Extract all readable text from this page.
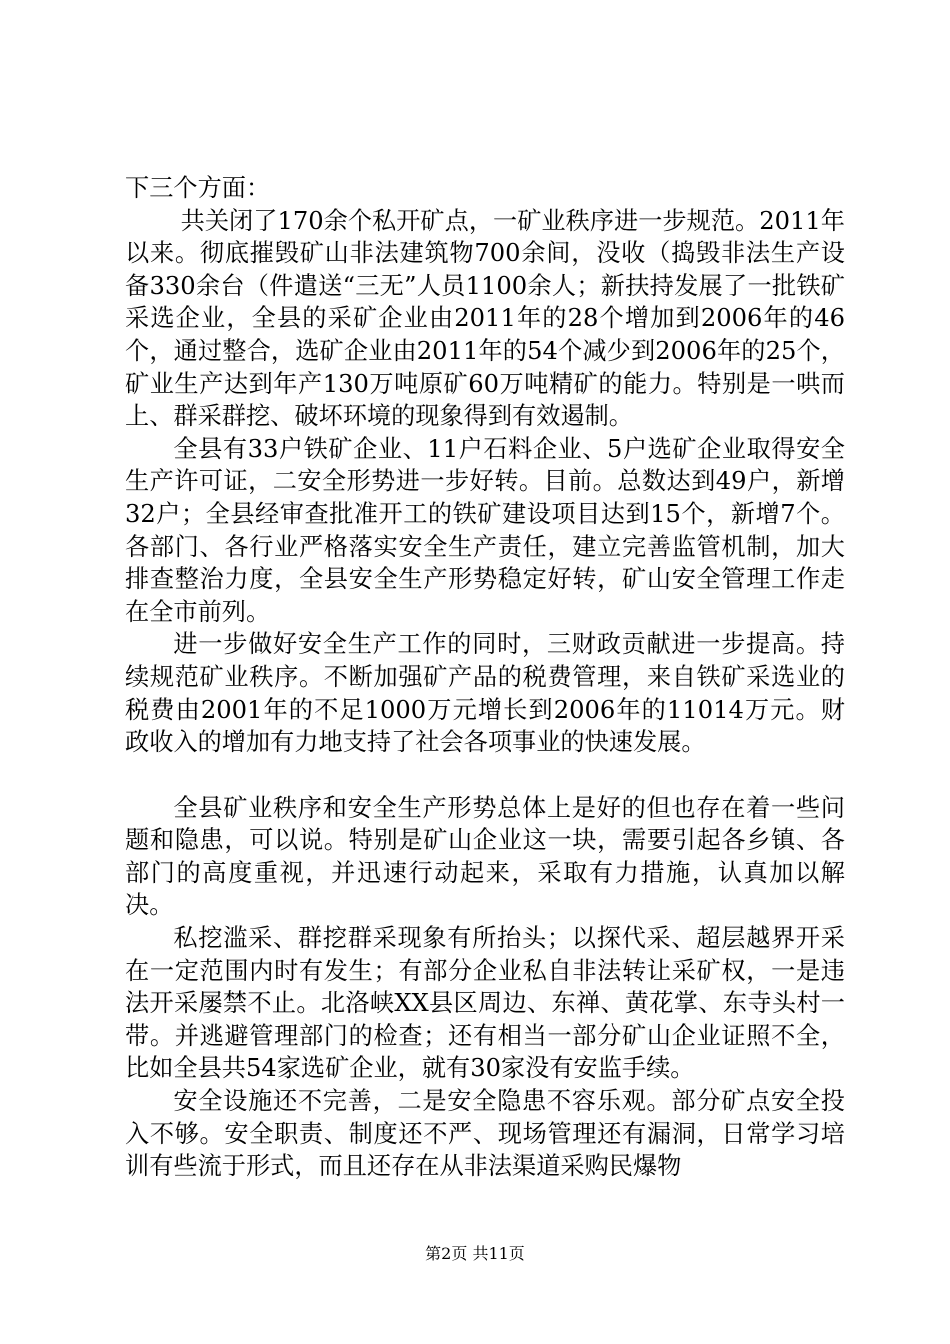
下三个方面：

共关闭了170余个私开矿点，一矿业秩序进一步规范。2011年以来。彻底摧毁矿山非法建筑物700余间，没收（捣毁非法生产设备330余台（件遣送“三无”人员1100余人；新扶持发展了一批铁矿采选企业，全县的采矿企业由2011年的28个增加到2006年的46个，通过整合，选矿企业由2011年的54个减少到2006年的25个，矿业生产达到年产130万吨原矿60万吨精矿的能力。特别是一哄而上、群采群挖、破坏环境的现象得到有效遏制。

全县有33户铁矿企业、11户石料企业、5户选矿企业取得安全生产许可证，二安全形势进一步好转。目前。总数达到49户，新增32户；全县经审查批准开工的铁矿建设项目达到15个，新增7个。各部门、各行业严格落实安全生产责任，建立完善监管机制，加大排查整治力度，全县安全生产形势稳定好转，矿山安全管理工作走在全市前列。

进一步做好安全生产工作的同时，三财政贡献进一步提高。持续规范矿业秩序。不断加强矿产品的税费管理，来自铁矿采选业的税费由2001年的不足1000万元增长到2006年的11014万元。财政收入的增加有力地支持了社会各项事业的快速发展。

全县矿业秩序和安全生产形势总体上是好的但也存在着一些问题和隐患，可以说。特别是矿山企业这一块，需要引起各乡镇、各部门的高度重视，并迅速行动起来，采取有力措施，认真加以解决。

私挖滥采、群挖群采现象有所抬头；以探代采、超层越界开采在一定范围内时有发生；有部分企业私自非法转让采矿权，一是违法开采屡禁不止。北洛峡XX县区周边、东禅、黄花掌、东寺头村一带。并逃避管理部门的检查；还有相当一部分矿山企业证照不全，比如全县共54家选矿企业，就有30家没有安监手续。

安全设施还不完善，二是安全隐患不容乐观。部分矿点安全投入不够。安全职责、制度还不严、现场管理还有漏洞，日常学习培训有些流于形式，而且还存在从非法渠道采购民爆物

第2页 共11页
